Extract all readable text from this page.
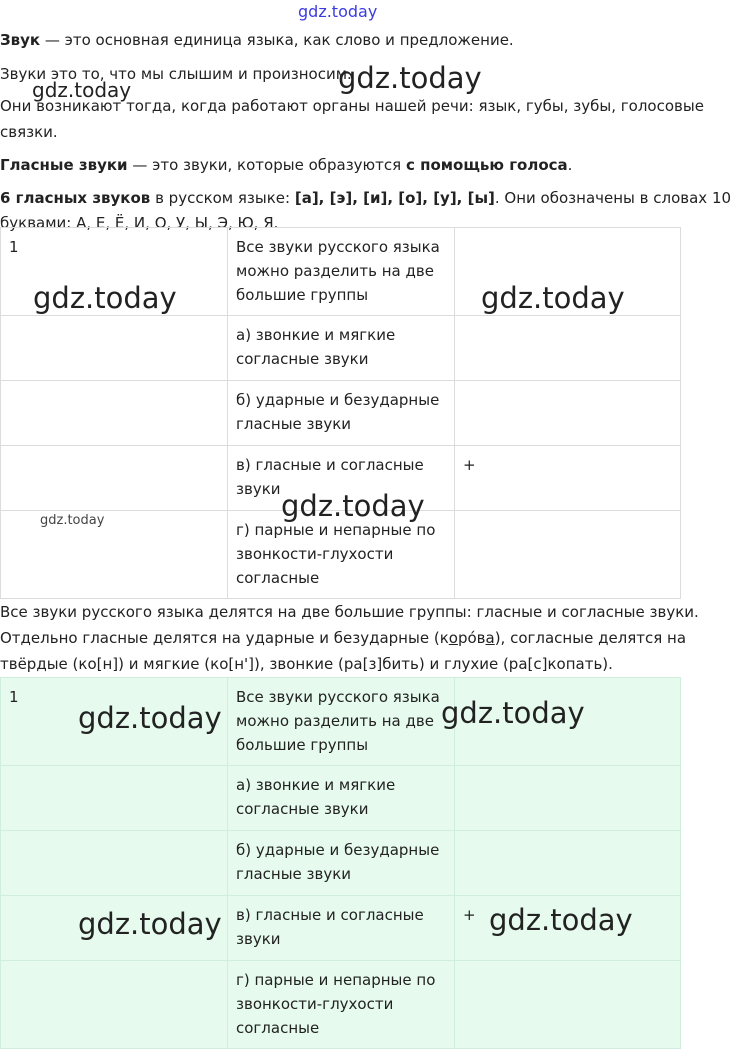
gdz.today
Звук — это основная единица языка, как слово и предложение.
Звуки это то, что мы слышим и произносим.
Они возникают тогда, когда работают органы нашей речи: язык, губы, зубы, голосовые
связки.
Гласные звуки — это звуки, которые образуются с помощью голоса.
6 гласных звуков в русском языке: [а], [э], [и], [о], [у], [ы]. Они обозначены в словах 10
буквами: А, Е, Ё, И, О, У, Ы, Э, Ю, Я.
1	Все звуки русского языка можно разделить на две большие группы	
	а) звонкие и мягкие согласные звуки	
	б) ударные и безударные гласные звуки	
	в) гласные и согласные звуки	+
	г) парные и непарные по звонкости-глухости согласные	
Все звуки русского языка делятся на две большие группы: гласные и согласные звуки.
Отдельно гласные делятся на ударные и безударные (коро́ва), согласные делятся на
твёрдые (ко[н]) и мягкие (ко[н']), звонкие (ра[з]бить) и глухие (ра[с]копать).
1	Все звуки русского языка можно разделить на две большие группы	
	а) звонкие и мягкие согласные звуки	
	б) ударные и безударные гласные звуки	
	в) гласные и согласные звуки	+
	г) парные и непарные по звонкости-глухости согласные	
gdz.today	gdz.today
gdz.today	gdz.today
gdz.today
gdz.today
gdz.today	gdz.today
gdz.today	gdz.today
